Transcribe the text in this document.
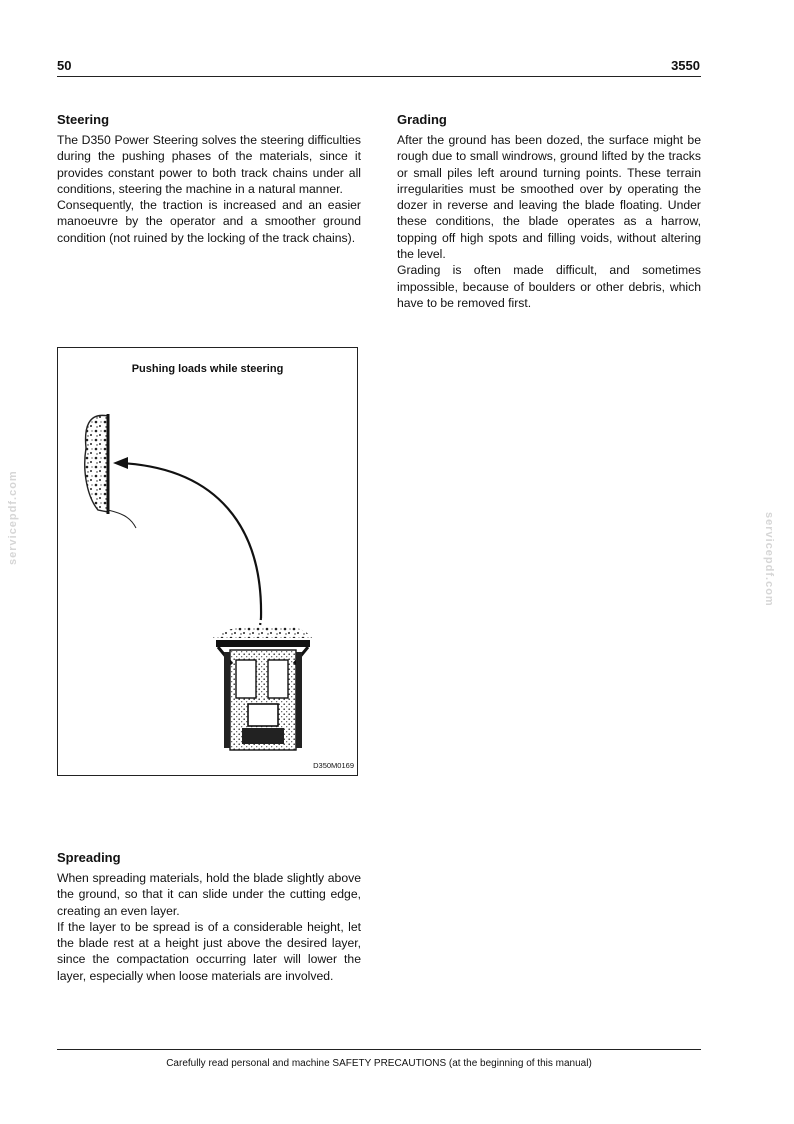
50	3550
Steering

The D350 Power Steering solves the steering difficulties during the pushing phases of the materials, since it provides constant power to both track chains under all conditions, steering the machine in a natural manner.

Consequently, the traction is increased and an easier manoeuvre by the operator and a smoother ground condition (not ruined by the locking of the track chains).

Grading

After the ground has been dozed, the surface might be rough due to small windrows, ground lifted by the tracks or small piles left around turning points. These terrain irregularities must be smoothed over by operating the dozer in reverse and leaving the blade floating. Under these conditions, the blade operates as a harrow, topping off high spots and filling voids, without altering the level.

Grading is often made difficult, and sometimes impossible, because of boulders or other debris, which have to be removed first.

Pushing loads while steering
D350M0169
Spreading

When spreading materials, hold the blade slightly above the ground, so that it can slide under the cutting edge, creating an even layer.

If the layer to be spread is of a considerable height, let the blade rest at a height just above the desired layer, since the compactation occurring later will lower the layer, especially when loose materials are involved.

servicepdf.com	servicepdf.com
Carefully read personal and machine SAFETY PRECAUTIONS (at the beginning of this manual)
